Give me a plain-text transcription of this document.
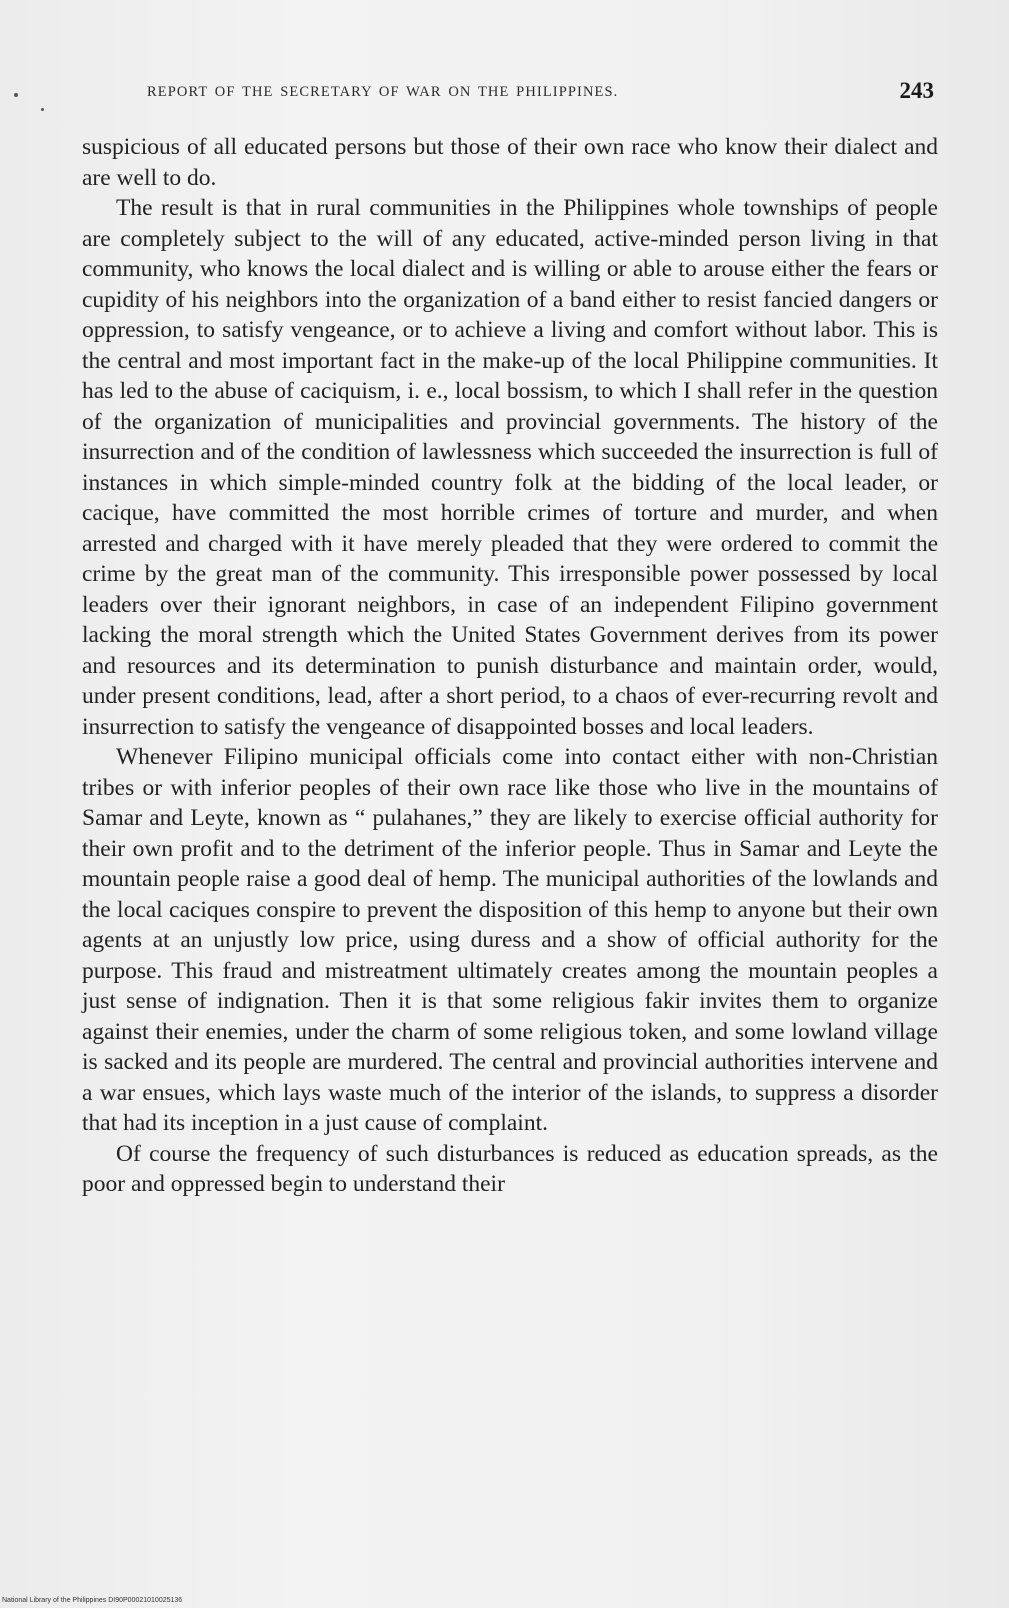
REPORT OF THE SECRETARY OF WAR ON THE PHILIPPINES.	243

suspicious of all educated persons but those of their own race who know their dialect and are well to do.

The result is that in rural communities in the Philippines whole townships of people are completely subject to the will of any educated, active-minded person living in that community, who knows the local dialect and is willing or able to arouse either the fears or cupidity of his neighbors into the organization of a band either to resist fancied dangers or oppression, to satisfy vengeance, or to achieve a living and comfort without labor. This is the central and most important fact in the make-up of the local Philippine communities. It has led to the abuse of caciquism, i. e., local bossism, to which I shall refer in the question of the organization of municipalities and provincial governments. The history of the insurrection and of the condition of lawlessness which succeeded the insurrection is full of instances in which simple-minded country folk at the bidding of the local leader, or cacique, have committed the most horrible crimes of torture and murder, and when arrested and charged with it have merely pleaded that they were ordered to commit the crime by the great man of the community. This irresponsible power possessed by local leaders over their ignorant neighbors, in case of an independent Filipino government lacking the moral strength which the United States Government derives from its power and resources and its determination to punish disturbance and maintain order, would, under present conditions, lead, after a short period, to a chaos of ever-recurring revolt and insurrection to satisfy the vengeance of disappointed bosses and local leaders.

Whenever Filipino municipal officials come into contact either with non-Christian tribes or with inferior peoples of their own race like those who live in the mountains of Samar and Leyte, known as “ pulahanes,” they are likely to exercise official authority for their own profit and to the detriment of the inferior people. Thus in Samar and Leyte the mountain people raise a good deal of hemp. The municipal authorities of the lowlands and the local caciques conspire to prevent the disposition of this hemp to anyone but their own agents at an unjustly low price, using duress and a show of official authority for the purpose. This fraud and mistreatment ultimately creates among the mountain peoples a just sense of indignation. Then it is that some religious fakir invites them to organize against their enemies, under the charm of some religious token, and some lowland village is sacked and its people are murdered. The central and provincial authorities intervene and a war ensues, which lays waste much of the interior of the islands, to suppress a disorder that had its inception in a just cause of complaint.

Of course the frequency of such disturbances is reduced as education spreads, as the poor and oppressed begin to understand their

National Library of the Philippines DI90P00021010025136
